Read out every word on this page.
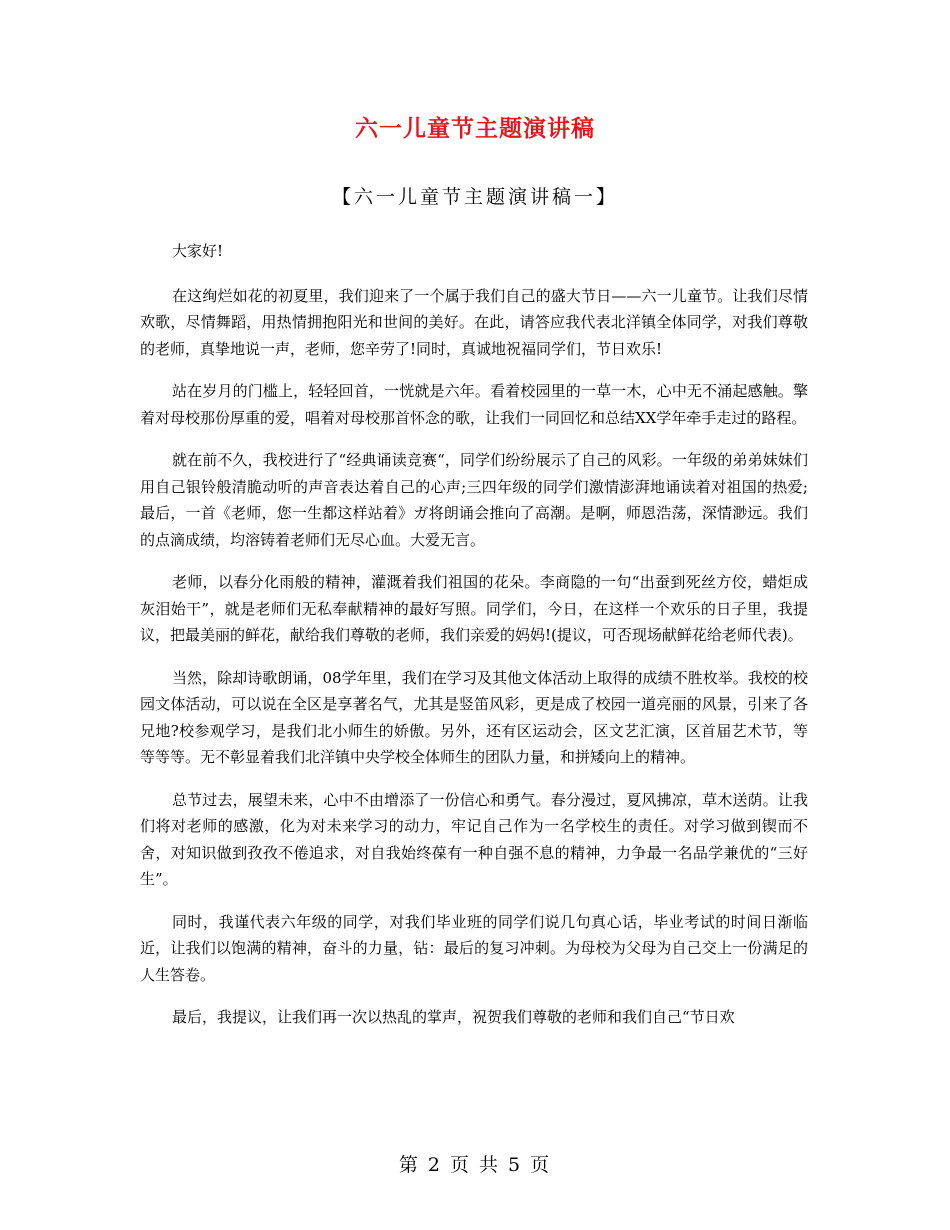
六一儿童节主题演讲稿
【六一儿童节主题演讲稿一】

大家好!

在这绚烂如花的初夏里，我们迎来了一个属于我们自己的盛大节日——六一儿童节。让我们尽情欢歌，尽情舞蹈，用热情拥抱阳光和世间的美好。在此，请答应我代表北洋镇全体同学，对我们尊敬的老师，真挚地说一声，老师，您辛劳了!同时，真诚地祝福同学们，节日欢乐!

站在岁月的门槛上，轻轻回首，一恍就是六年。看着校园里的一草一木，心中无不涌起感触。擎着对母校那份厚重的爱，唱着对母校那首怀念的歌，让我们一同回忆和总结XX学年牵手走过的路程。

就在前不久，我校进行了“经典诵读竞赛“，同学们纷纷展示了自己的风彩。一年级的弟弟妹妹们用自己银铃般清脆动听的声音表达着自己的心声;三四年级的同学们激情澎湃地诵读着对祖国的热爱;最后，一首《老师，您一生都这样站着》ガ将朗诵会推向了高潮。是啊，师恩浩荡，深情渺远。我们的点滴成绩，均溶铸着老师们无尽心血。大爱无言。

老师，以春分化雨般的精神，灌溉着我们祖国的花朵。李商隐的一句“出蚕到死丝方佼，蜡炬成灰泪始干”，就是老师们无私奉献精神的最好写照。同学们，今日，在这样一个欢乐的日子里，我提议，把最美丽的鲜花，献给我们尊敬的老师，我们亲爱的妈妈!(提议，可否现场献鲜花给老师代表)。

当然，除却诗歌朗诵，08学年里，我们在学习及其他文体活动上取得的成绩不胜枚举。我校的校园文体活动，可以说在全区是享著名气，尤其是竖笛风彩，更是成了校园一道亮丽的风景，引来了各兄地?校参观学习，是我们北小师生的娇傲。另外，还有区运动会，区文艺汇演，区首届艺术节，等等等等。无不彰显着我们北洋镇中央学校全体师生的团队力量，和拼矮向上的精神。

总节过去，展望未来，心中不由增添了一份信心和勇气。春分漫过，夏风拂凉，草木送荫。让我们将对老师的感激，化为对未来学习的动力，牢记自己作为一名学校生的责任。对学习做到锲而不舍，对知识做到孜孜不倦追求，对自我始终葆有一种自强不息的精神，力争最一名品学兼优的“三好生”。

同时，我谨代表六年级的同学，对我们毕业班的同学们说几句真心话，毕业考试的时间日渐临近，让我们以饱满的精神，奋斗的力量，钻：最后的复习冲刺。为母校为父母为自己交上一份满足的人生答卷。

最后，我提议，让我们再一次以热乱的掌声，祝贺我们尊敬的老师和我们自己“节日欢

第 2 页 共 5 页
